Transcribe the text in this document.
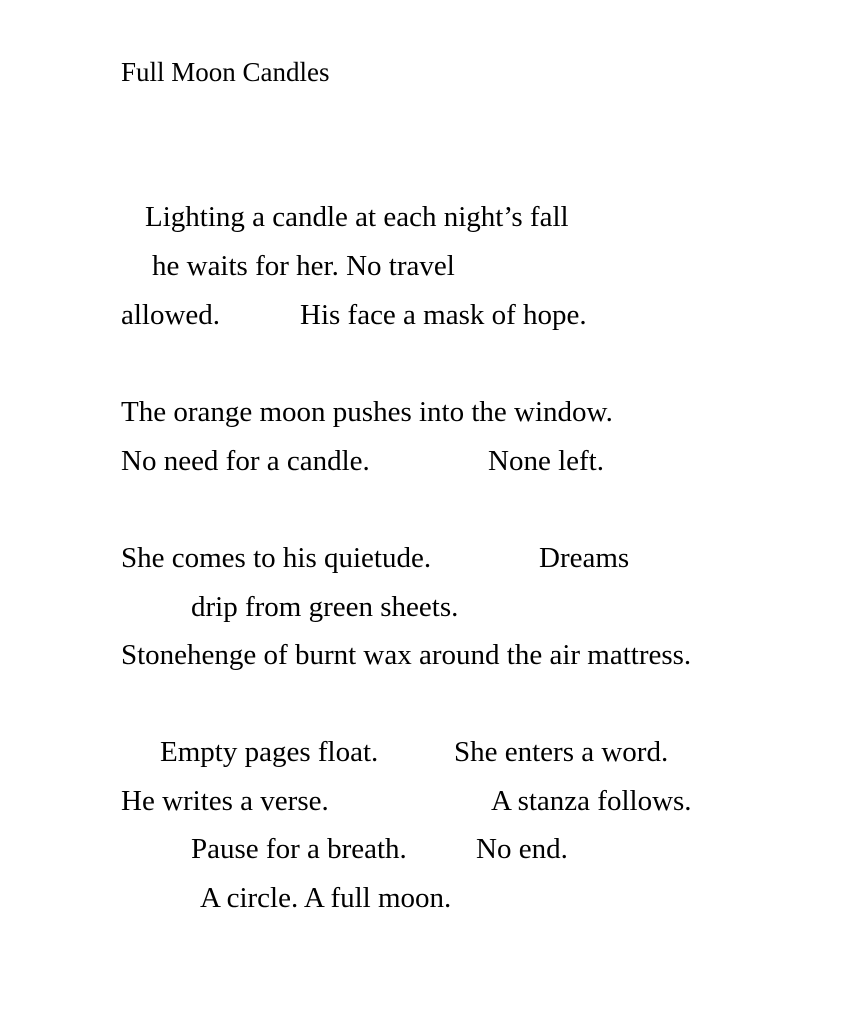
Full Moon Candles
Lighting a candle at each night’s fall
he waits for her. No travel
allowed.	His face a mask of hope.
The orange moon pushes into the window.
No need for a candle.	None left.
She comes to his quietude.	Dreams
drip from green sheets.
Stonehenge of burnt wax around the air mattress.
Empty pages float.	She enters a word.
He writes a verse.	A stanza follows.
Pause for a breath. No end.
A circle. A full moon.
